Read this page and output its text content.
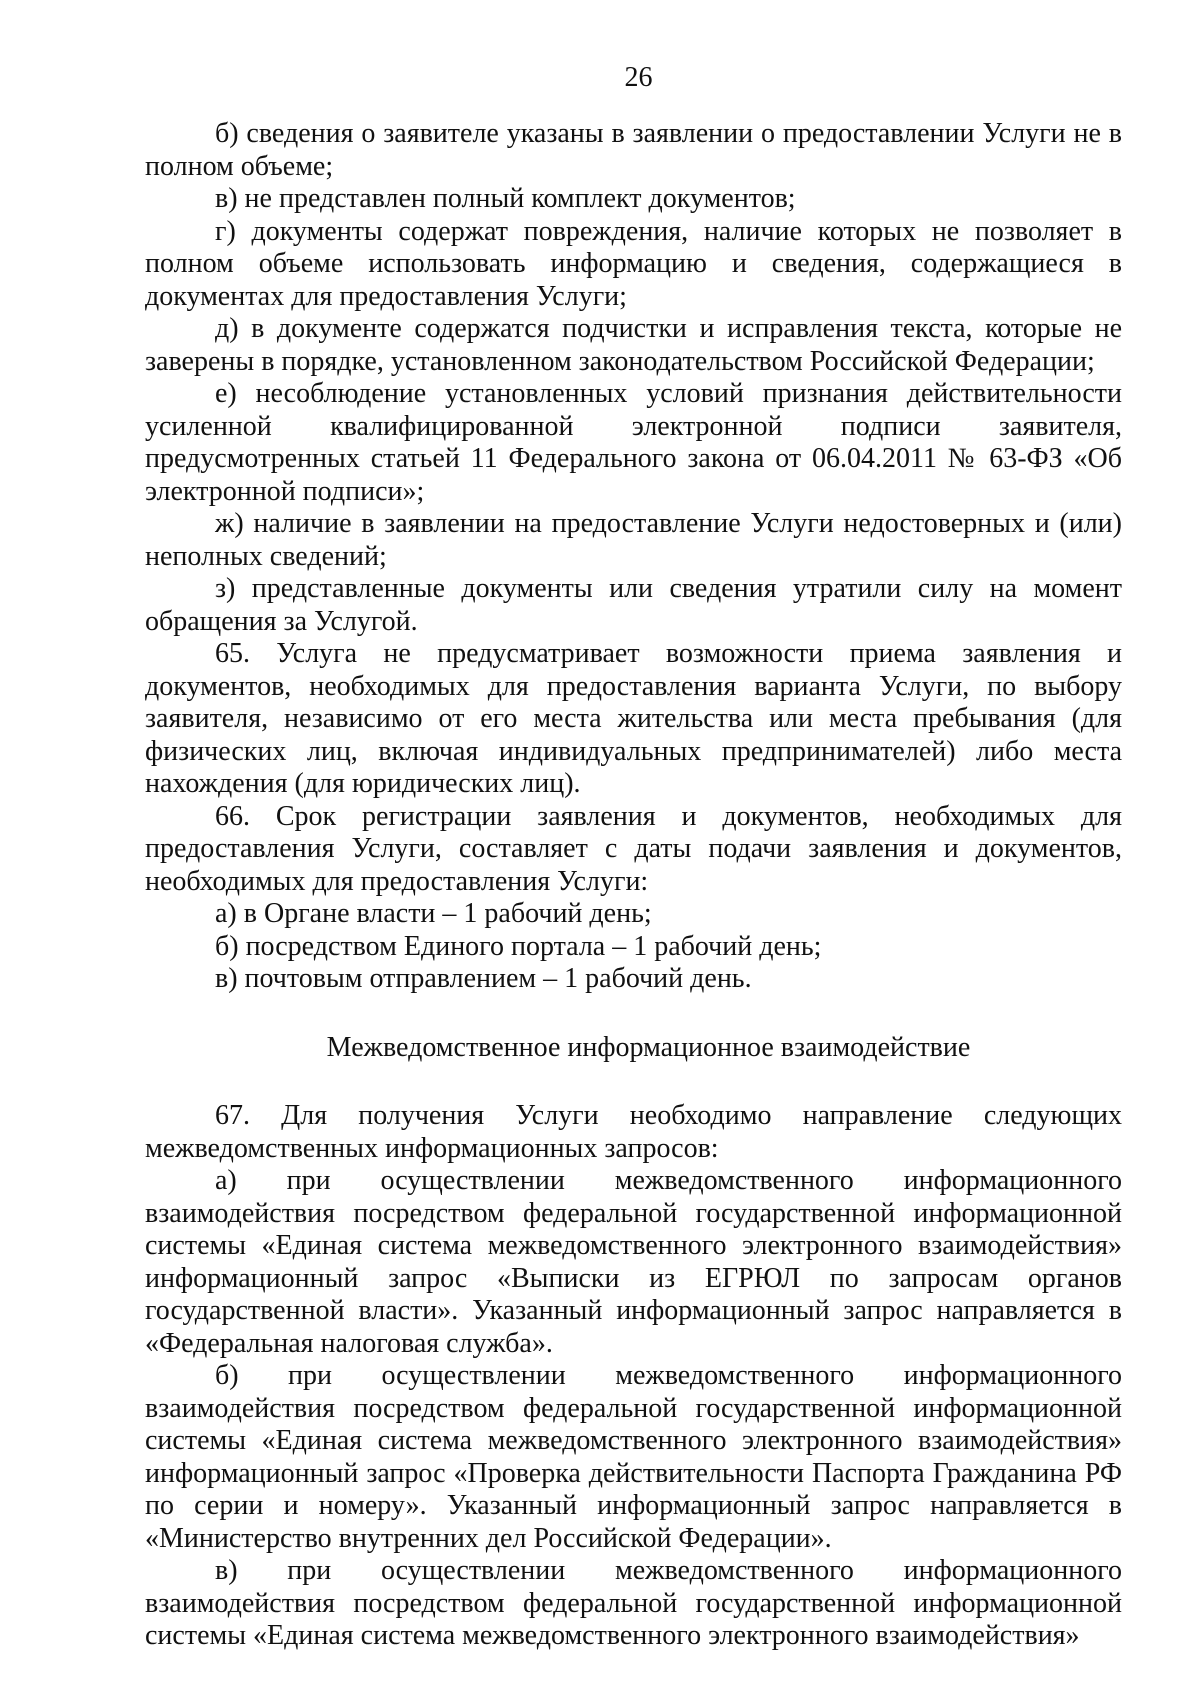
26

б) сведения о заявителе указаны в заявлении о предоставлении Услуги не в полном объеме;

в) не представлен полный комплект документов;

г) документы содержат повреждения, наличие которых не позволяет в полном объеме использовать информацию и сведения, содержащиеся в документах для предоставления Услуги;

д) в документе содержатся подчистки и исправления текста, которые не заверены в порядке, установленном законодательством Российской Федерации;

е) несоблюдение установленных условий признания действительности усиленной квалифицированной электронной подписи заявителя, предусмотренных статьей 11 Федерального закона от 06.04.2011 № 63-ФЗ «Об электронной подписи»;

ж) наличие в заявлении на предоставление Услуги недостоверных и (или) неполных сведений;

з) представленные документы или сведения утратили силу на момент обращения за Услугой.

65. Услуга не предусматривает возможности приема заявления и документов, необходимых для предоставления варианта Услуги, по выбору заявителя, независимо от его места жительства или места пребывания (для физических лиц, включая индивидуальных предпринимателей) либо места нахождения (для юридических лиц).

66. Срок регистрации заявления и документов, необходимых для предоставления Услуги, составляет с даты подачи заявления и документов, необходимых для предоставления Услуги:

а) в Органе власти – 1 рабочий день;

б) посредством Единого портала – 1 рабочий день;

в) почтовым отправлением – 1 рабочий день.

Межведомственное информационное взаимодействие

67. Для получения Услуги необходимо направление следующих межведомственных информационных запросов:

а) при осуществлении межведомственного информационного взаимодействия посредством федеральной государственной информационной системы «Единая система межведомственного электронного взаимодействия» информационный запрос «Выписки из ЕГРЮЛ по запросам органов государственной власти». Указанный информационный запрос направляется в «Федеральная налоговая служба».

б) при осуществлении межведомственного информационного взаимодействия посредством федеральной государственной информационной системы «Единая система межведомственного электронного взаимодействия» информационный запрос «Проверка действительности Паспорта Гражданина РФ по серии и номеру». Указанный информационный запрос направляется в «Министерство внутренних дел Российской Федерации».

в) при осуществлении межведомственного информационного взаимодействия посредством федеральной государственной информационной системы «Единая система межведомственного электронного взаимодействия»
